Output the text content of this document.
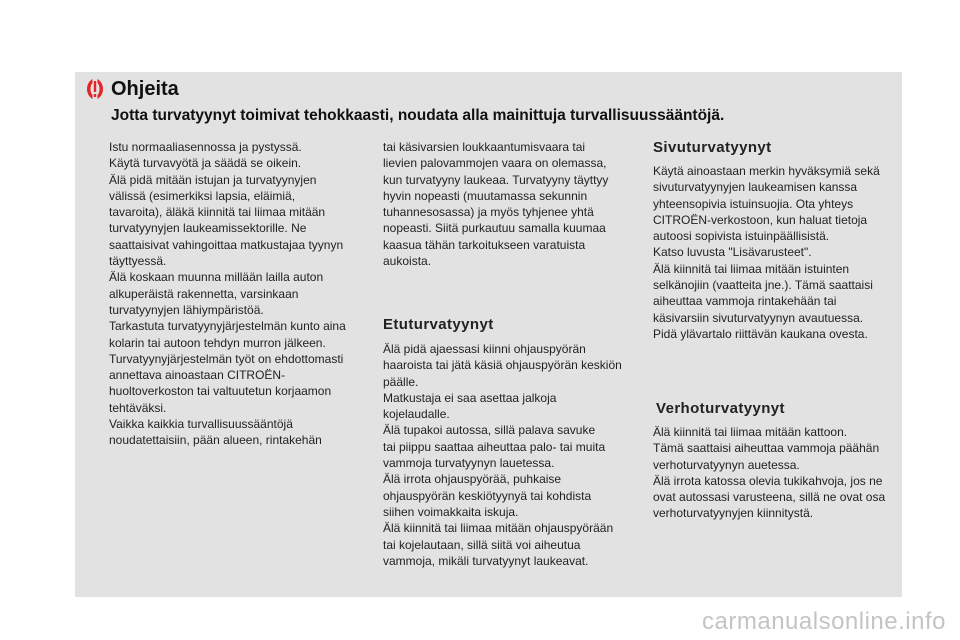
Ohjeita
Jotta turvatyynyt toimivat tehokkaasti, noudata alla mainittuja turvallisuussääntöjä.

Istu normaaliasennossa ja pystyssä.

Käytä turvavyötä ja säädä se oikein.

Älä pidä mitään istujan ja turvatyynyjen

välissä (esimerkiksi lapsia, eläimiä,

tavaroita), äläkä kiinnitä tai liimaa mitään

turvatyynyjen laukeamissektorille. Ne

saattaisivat vahingoittaa matkustajaa tyynyn

täyttyessä.

Älä koskaan muunna millään lailla auton

alkuperäistä rakennetta, varsinkaan

turvatyynyjen lähiympäristöä.

Tarkastuta turvatyynyjärjestelmän kunto aina

kolarin tai autoon tehdyn murron jälkeen.

Turvatyynyjärjestelmän työt on ehdottomasti

annettava ainoastaan CITROËN-

huoltoverkoston tai valtuutetun korjaamon

tehtäväksi.

Vaikka kaikkia turvallisuussääntöjä

noudatettaisiin, pään alueen, rintakehän

tai käsivarsien loukkaantumisvaara tai

lievien palovammojen vaara on olemassa,

kun turvatyyny laukeaa. Turvatyyny täyttyy

hyvin nopeasti (muutamassa sekunnin

tuhannesosassa) ja myös tyhjenee yhtä

nopeasti. Siitä purkautuu samalla kuumaa

kaasua tähän tarkoitukseen varatuista

aukoista.

Etuturvatyynyt

Älä pidä ajaessasi kiinni ohjauspyörän

haaroista tai jätä käsiä ohjauspyörän keskiön

päälle.

Matkustaja ei saa asettaa jalkoja

kojelaudalle.

Älä tupakoi autossa, sillä palava savuke

tai piippu saattaa aiheuttaa palo- tai muita

vammoja turvatyynyn lauetessa.

Älä irrota ohjauspyörää, puhkaise

ohjauspyörän keskiötyynyä tai kohdista

siihen voimakkaita iskuja.

Älä kiinnitä tai liimaa mitään ohjauspyörään

tai kojelautaan, sillä siitä voi aiheutua

vammoja, mikäli turvatyynyt laukeavat.

Sivuturvatyynyt

Käytä ainoastaan merkin hyväksymiä sekä

sivuturvatyynyjen laukeamisen kanssa

yhteensopivia istuinsuojia. Ota yhteys

CITROËN-verkostoon, kun haluat tietoja

autoosi sopivista istuinpäällisistä.

Katso luvusta "Lisävarusteet".

Älä kiinnitä tai liimaa mitään istuinten

selkänojiin (vaatteita jne.). Tämä saattaisi

aiheuttaa vammoja rintakehään tai

käsivarsiin sivuturvatyynyn avautuessa.

Pidä ylävartalo riittävän kaukana ovesta.

Verhoturvatyynyt

Älä kiinnitä tai liimaa mitään kattoon.

Tämä saattaisi aiheuttaa vammoja päähän

verhoturvatyynyn auetessa.

Älä irrota katossa olevia tukikahvoja, jos ne

ovat autossasi varusteena, sillä ne ovat osa

verhoturvatyynyjen kiinnitystä.

carmanualsonline.info
